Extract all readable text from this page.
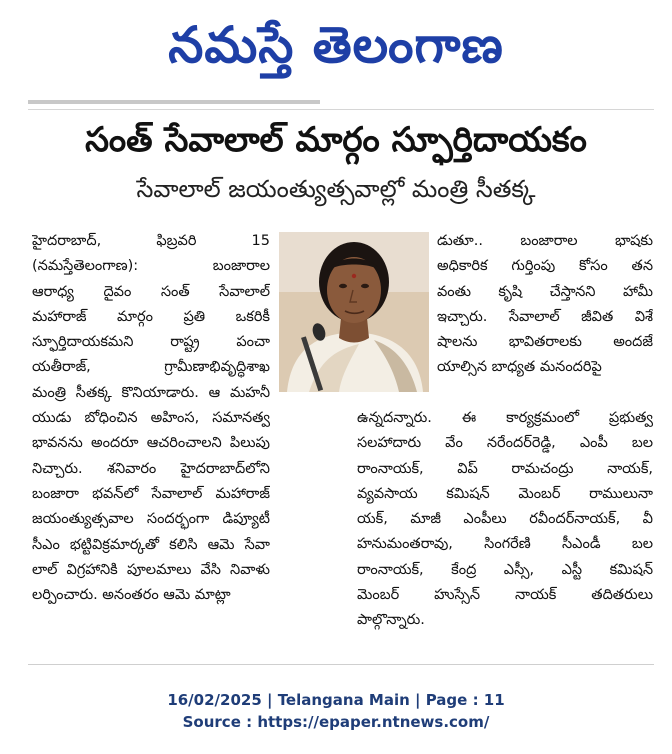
నమస్తే తెలంగాణ
సంత్ సేవాలాల్ మార్గం స్ఫూర్తిదాయకం
సేవాలాల్ జయంత్యుత్సవాల్లో మంత్రి సీతక్క
హైదరాబాద్, ఫిబ్రవరి 15
(నమస్తేతెలంగాణ): బంజారాల
ఆరాధ్య దైవం సంత్ సేవాలాల్
మహారాజ్ మార్గం ప్రతి ఒకరికీ
స్ఫూర్తిదాయకమని రాష్ట్ర పంచా
యతీరాజ్, గ్రామీణాభివృద్ధిశాఖ
మంత్రి సీతక్క కొనియాడారు. ఆ మహనీ
యుడు బోధించిన అహింస, సమానత్వ
భావనను అందరూ ఆచరించాలని పిలుపు
నిచ్చారు. శనివారం హైదరాబాద్‌లోని
బంజారా భవన్‌లో సేవాలాల్ మహారాజ్
జయంత్యుత్సవాల సందర్భంగా డిప్యూటీ
సీఎం భట్టివిక్రమార్కతో కలిసి ఆమె సేవా
లాల్ విగ్రహానికి పూలమాలు వేసి నివాళు
లర్పించారు. అనంతరం ఆమె మాట్లా
డుతూ.. బంజారాల భాషకు
అధికారిక గుర్తింపు కోసం తన
వంతు కృషి చేస్తానని హామీ
ఇచ్చారు. సేవాలాల్ జీవిత విశే
షాలను భావితరాలకు అందజే
యాల్సిన బాధ్యత మనందరిపై
ఉన్నదన్నారు. ఈ కార్యక్రమంలో ప్రభుత్వ
సలహాదారు వేం నరేందర్‌రెడ్డి, ఎంపీ బల
రాంనాయక్, విప్ రామచంద్రు నాయక్,
వ్యవసాయ కమిషన్ మెంబర్ రాములునా
యక్, మాజీ ఎంపీలు రవీందర్‌నాయక్, వీ
హనుమంతరావు, సింగరేణి సీఎండీ బల
రాంనాయక్, కేంద్ర ఎస్సీ, ఎస్టీ కమిషన్
మెంబర్ హుస్సేన్ నాయక్ తదితరులు
పాల్గొన్నారు.
16/02/2025 | Telangana Main | Page : 11
Source : https://epaper.ntnews.com/
